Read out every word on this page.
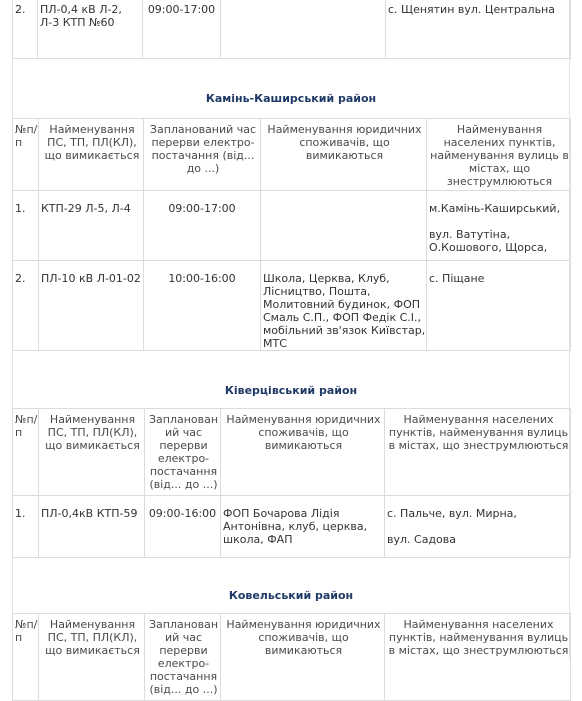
2.	ПЛ-0,4 кВ Л-2, Л-3 КТП №60	09:00-17:00		с. Щенятин вул. Центральна
Камінь-Каширський район
№п/п	Найменування ПС, ТП, ПЛ(КЛ), що вимикається	Запланований час перерви електро-постачання (від... до ...)	Найменування юридичних споживачів, що вимикаються	Найменування населених пунктів, найменування вулиць в містах, що знеструмлюються
1.	КТП-29 Л-5, Л-4	09:00-17:00		м.Камінь-Каширський,
вул. Ватутіна, О.Кошового, Щорса,
2.	ПЛ-10 кВ Л-01-02	10:00-16:00	Школа, Церква, Клуб, Лісництво, Пошта, Молитовний будинок, ФОП Смаль С.П., ФОП Федік С.І., мобільний зв'язок Київстар, МТС	с. Піщане
Ківерцівський район
№п/п	Найменування ПС, ТП, ПЛ(КЛ), що вимикається	Запланований час перерви електро-постачання (від... до ...)	Найменування юридичних споживачів, що вимикаються	Найменування населених пунктів, найменування вулиць в містах, що знеструмлюються
1.	ПЛ-0,4кВ КТП-59	09:00-16:00	ФОП Бочарова Лідія Антонівна, клуб, церква, школа, ФАП	с. Пальче, вул. Мирна,
вул. Садова
Ковельський район
№п/п	Найменування ПС, ТП, ПЛ(КЛ), що вимикається	Запланований час перерви електро-постачання (від... до ...)	Найменування юридичних споживачів, що вимикаються	Найменування населених пунктів, найменування вулиць в містах, що знеструмлюються
